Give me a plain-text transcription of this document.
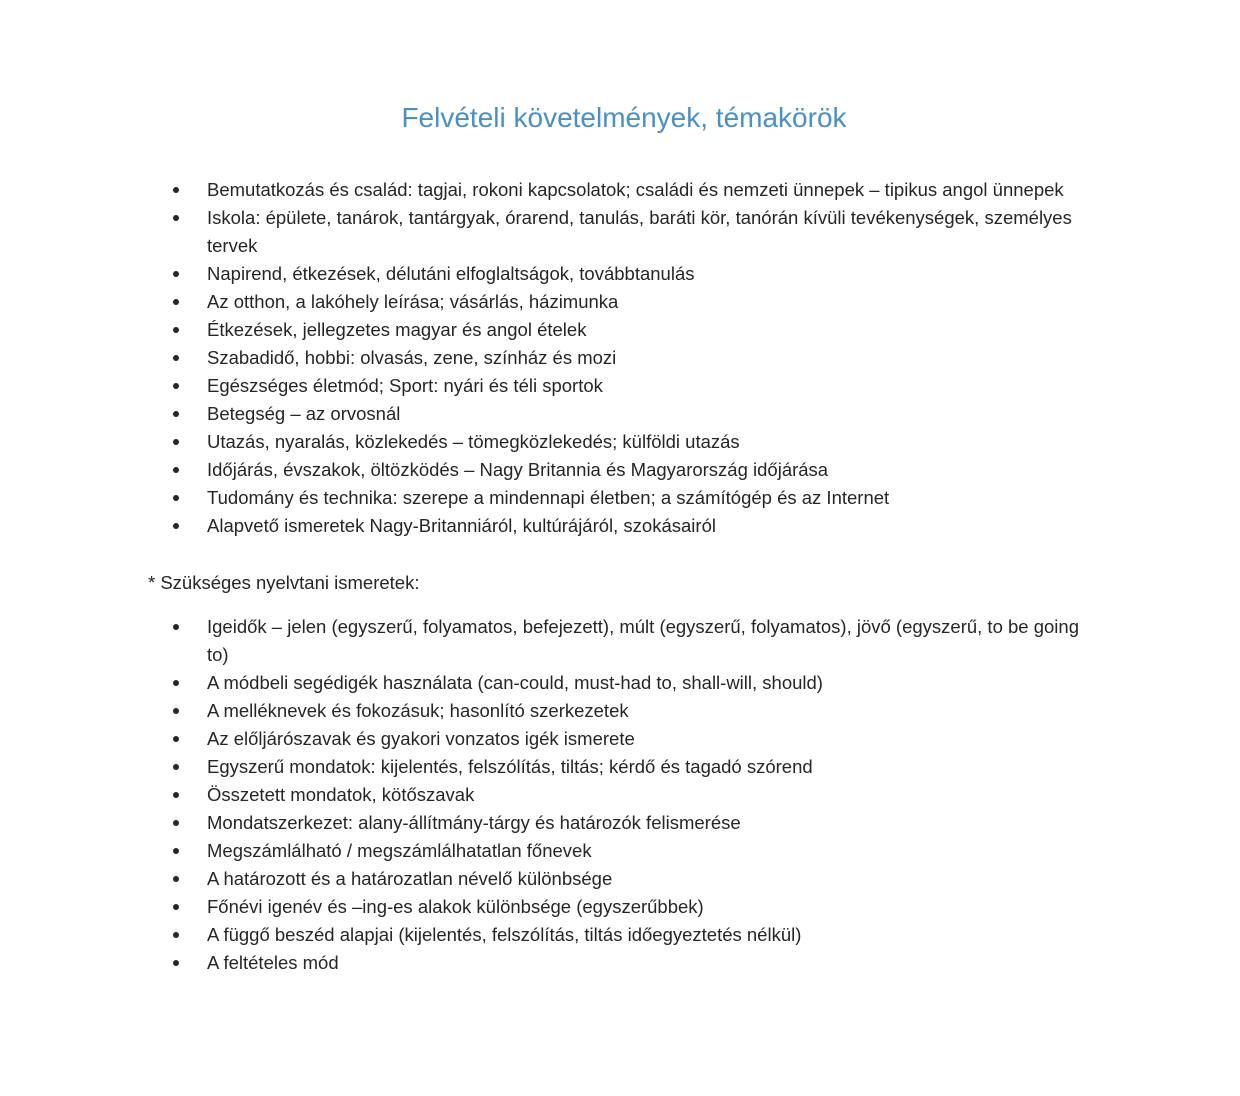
Felvételi követelmények, témakörök
Bemutatkozás és család: tagjai, rokoni kapcsolatok; családi és nemzeti ünnepek – tipikus angol ünnepek
Iskola: épülete, tanárok, tantárgyak, órarend, tanulás, baráti kör, tanórán kívüli tevékenységek, személyes tervek
Napirend, étkezések, délutáni elfoglaltságok, továbbtanulás
Az otthon, a lakóhely leírása; vásárlás, házimunka
Étkezések, jellegzetes magyar és angol ételek
Szabadidő, hobbi: olvasás, zene, színház és mozi
Egészséges életmód; Sport: nyári és téli sportok
Betegség – az orvosnál
Utazás, nyaralás, közlekedés – tömegközlekedés; külföldi utazás
Időjárás, évszakok, öltözködés – Nagy Britannia és Magyarország időjárása
Tudomány és technika: szerepe a mindennapi életben; a számítógép és az Internet
Alapvető ismeretek Nagy-Britanniáról, kultúrájáról, szokásairól

* Szükséges nyelvtani ismeretek:

Igeidők – jelen (egyszerű, folyamatos, befejezett), múlt (egyszerű, folyamatos), jövő (egyszerű, to be going to)
A módbeli segédigék használata (can-could, must-had to, shall-will, should)
A melléknevek és fokozásuk; hasonlító szerkezetek
Az előljárószavak és gyakori vonzatos igék ismerete
Egyszerű mondatok: kijelentés, felszólítás, tiltás; kérdő és tagadó szórend
Összetett mondatok, kötőszavak
Mondatszerkezet: alany-állítmány-tárgy és határozók felismerése
Megszámlálható / megszámlálhatatlan főnevek
A határozott és a határozatlan névelő különbsége
Főnévi igenév és –ing-es alakok különbsége (egyszerűbbek)
A függő beszéd alapjai (kijelentés, felszólítás, tiltás időegyeztetés nélkül)
A feltételes mód
